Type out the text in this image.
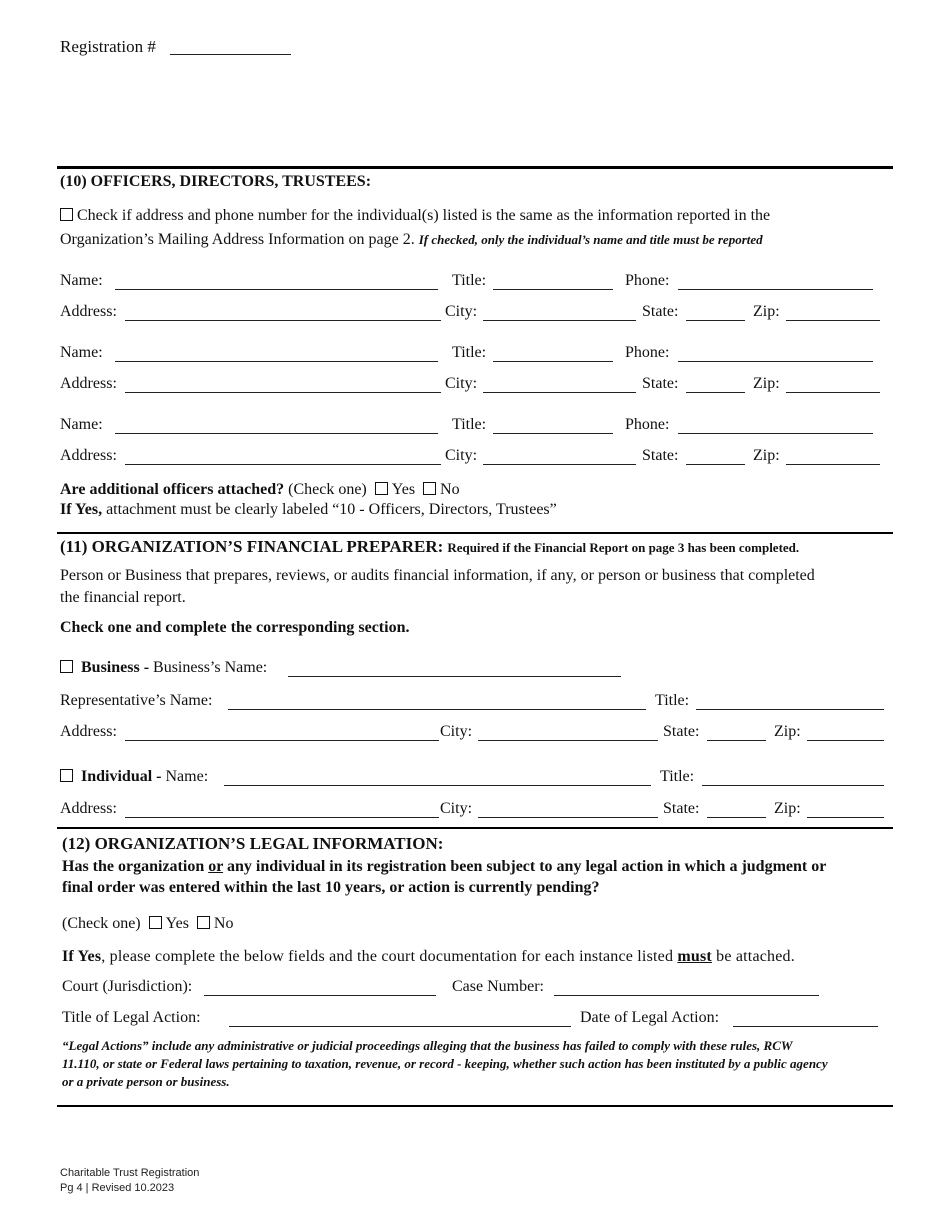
Registration #
(10) OFFICERS, DIRECTORS, TRUSTEES:
Check if address and phone number for the individual(s) listed is the same as the information reported in the
Organization’s Mailing Address Information on page 2. If checked, only the individual’s name and title must be reported
Name:	Title:	Phone:
Address:	City:	State:	Zip:
Name:	Title:	Phone:
Address:	City:	State:	Zip:
Name:	Title:	Phone:
Address:	City:	State:	Zip:
Are additional officers attached? (Check one) Yes No
If Yes, attachment must be clearly labeled “10 - Officers, Directors, Trustees”
(11) ORGANIZATION’S FINANCIAL PREPARER: Required if the Financial Report on page 3 has been completed.
Person or Business that prepares, reviews, or audits financial information, if any, or person or business that completed
the financial report.
Check one and complete the corresponding section.
Business - Business’s Name:
Representative’s Name:	Title:
Address:	City:	State:	Zip:
Individual - Name:	Title:
Address:	City:	State:	Zip:
(12) ORGANIZATION’S LEGAL INFORMATION:
Has the organization or any individual in its registration been subject to any legal action in which a judgment or
final order was entered within the last 10 years, or action is currently pending?
(Check one) Yes No
If Yes, please complete the below fields and the court documentation for each instance listed must be attached.
Court (Jurisdiction):	Case Number:
Title of Legal Action:	Date of Legal Action:
“Legal Actions” include any administrative or judicial proceedings alleging that the business has failed to comply with these rules, RCW
11.110, or state or Federal laws pertaining to taxation, revenue, or record - keeping, whether such action has been instituted by a public agency
or a private person or business.
Charitable Trust Registration
Pg 4 | Revised 10.2023
